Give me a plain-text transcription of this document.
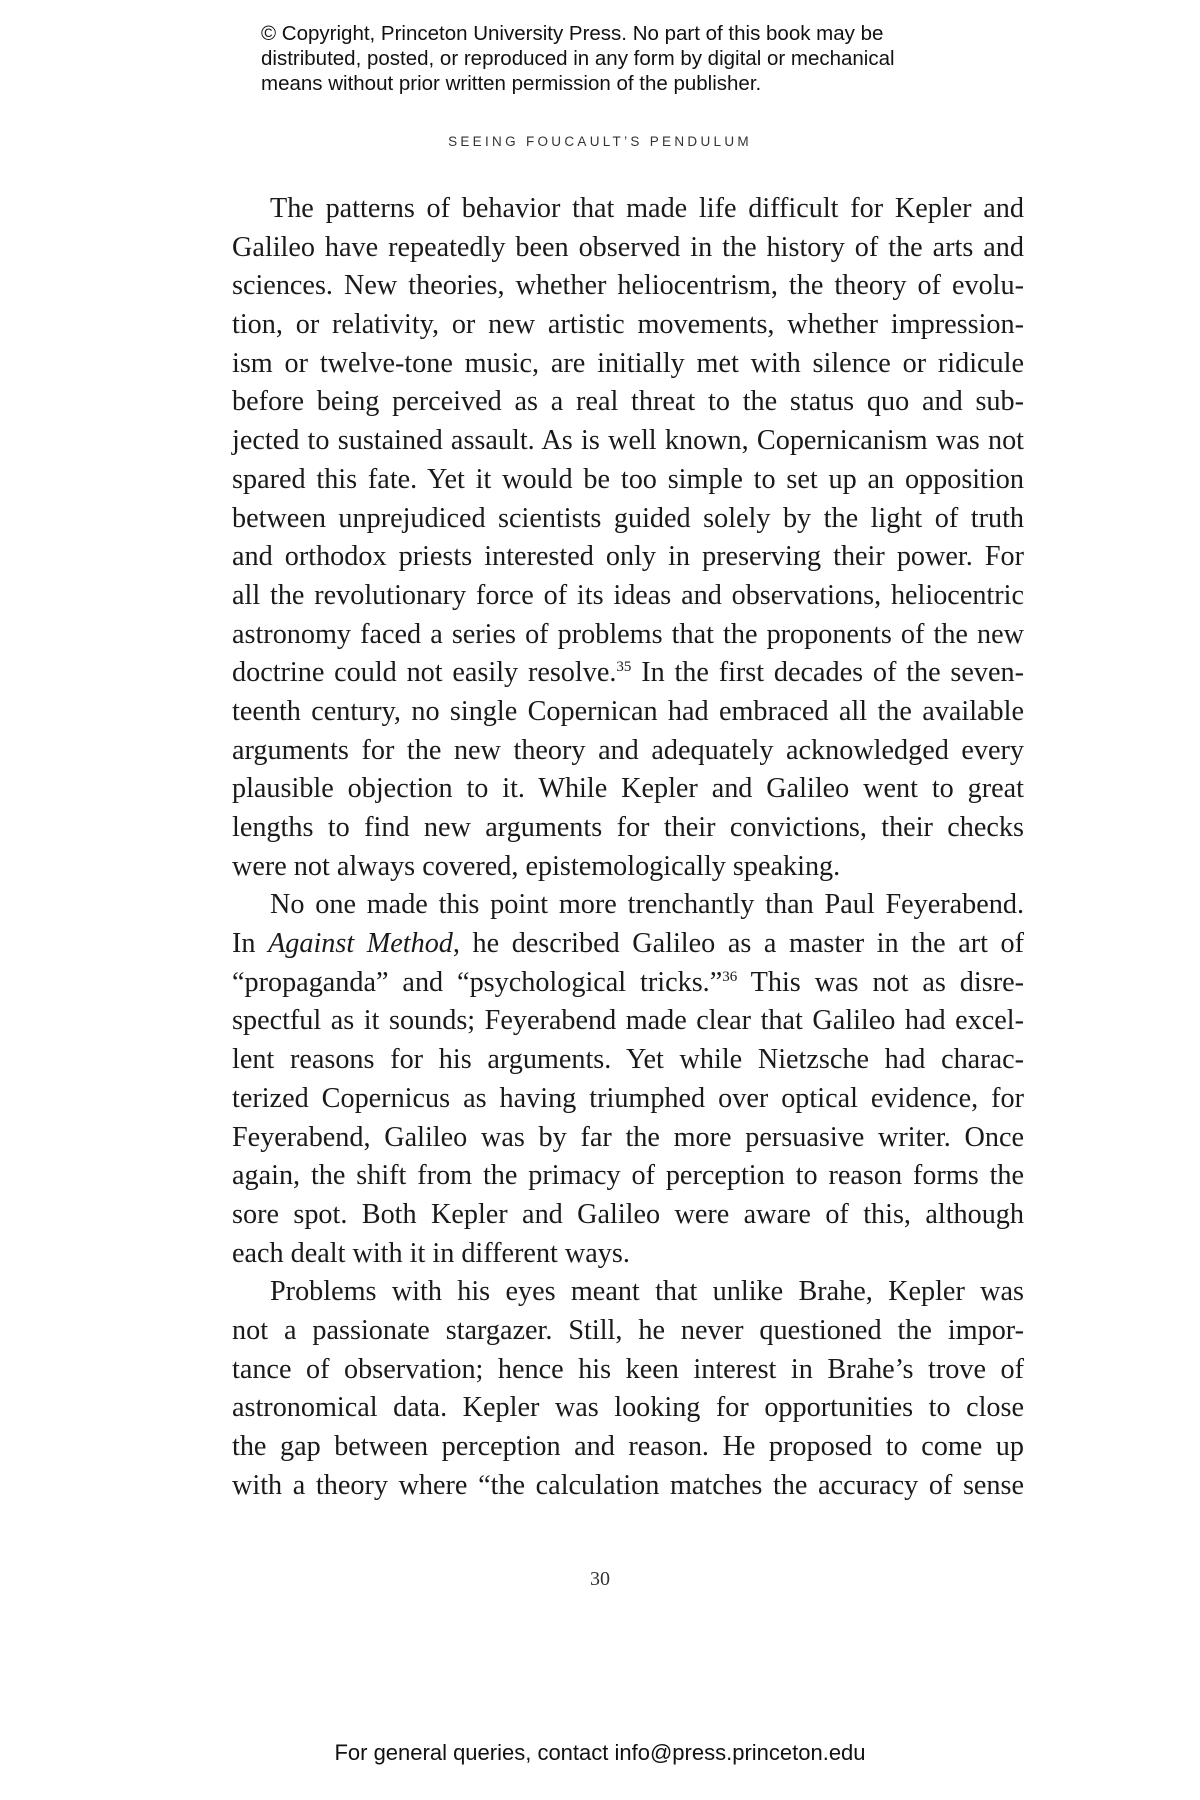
© Copyright, Princeton University Press. No part of this book may be
distributed, posted, or reproduced in any form by digital or mechanical
means without prior written permission of the publisher.
SEEING FOUCAULT’S PENDULUM
The patterns of behavior that made life difficult for Kepler and
Galileo have repeatedly been observed in the history of the arts and
sciences. New theories, whether heliocentrism, the theory of evolu-
tion, or relativity, or new artistic movements, whether impression-
ism or twelve-tone music, are initially met with silence or ridicule
before being perceived as a real threat to the status quo and sub-
jected to sustained assault. As is well known, Copernicanism was not
spared this fate. Yet it would be too simple to set up an opposition
between unprejudiced scientists guided solely by the light of truth
and orthodox priests interested only in preserving their power. For
all the revolutionary force of its ideas and observations, heliocentric
astronomy faced a series of problems that the proponents of the new
doctrine could not easily resolve.$^{35}$ In the first decades of the seven-
teenth century, no single Copernican had embraced all the available
arguments for the new theory and adequately acknowledged every
plausible objection to it. While Kepler and Galileo went to great
lengths to find new arguments for their convictions, their checks
were not always covered, epistemologically speaking.
No one made this point more trenchantly than Paul Feyerabend.
In Against Method, he described Galileo as a master in the art of
“propaganda” and “psychological tricks.”$^{36}$ This was not as disre-
spectful as it sounds; Feyerabend made clear that Galileo had excel-
lent reasons for his arguments. Yet while Nietzsche had charac-
terized Copernicus as having triumphed over optical evidence, for
Feyerabend, Galileo was by far the more persuasive writer. Once
again, the shift from the primacy of perception to reason forms the
sore spot. Both Kepler and Galileo were aware of this, although
each dealt with it in different ways.
Problems with his eyes meant that unlike Brahe, Kepler was
not a passionate stargazer. Still, he never questioned the impor-
tance of observation; hence his keen interest in Brahe’s trove of
astronomical data. Kepler was looking for opportunities to close
the gap between perception and reason. He proposed to come up
with a theory where “the calculation matches the accuracy of sense
30
For general queries, contact info@press.princeton.edu
